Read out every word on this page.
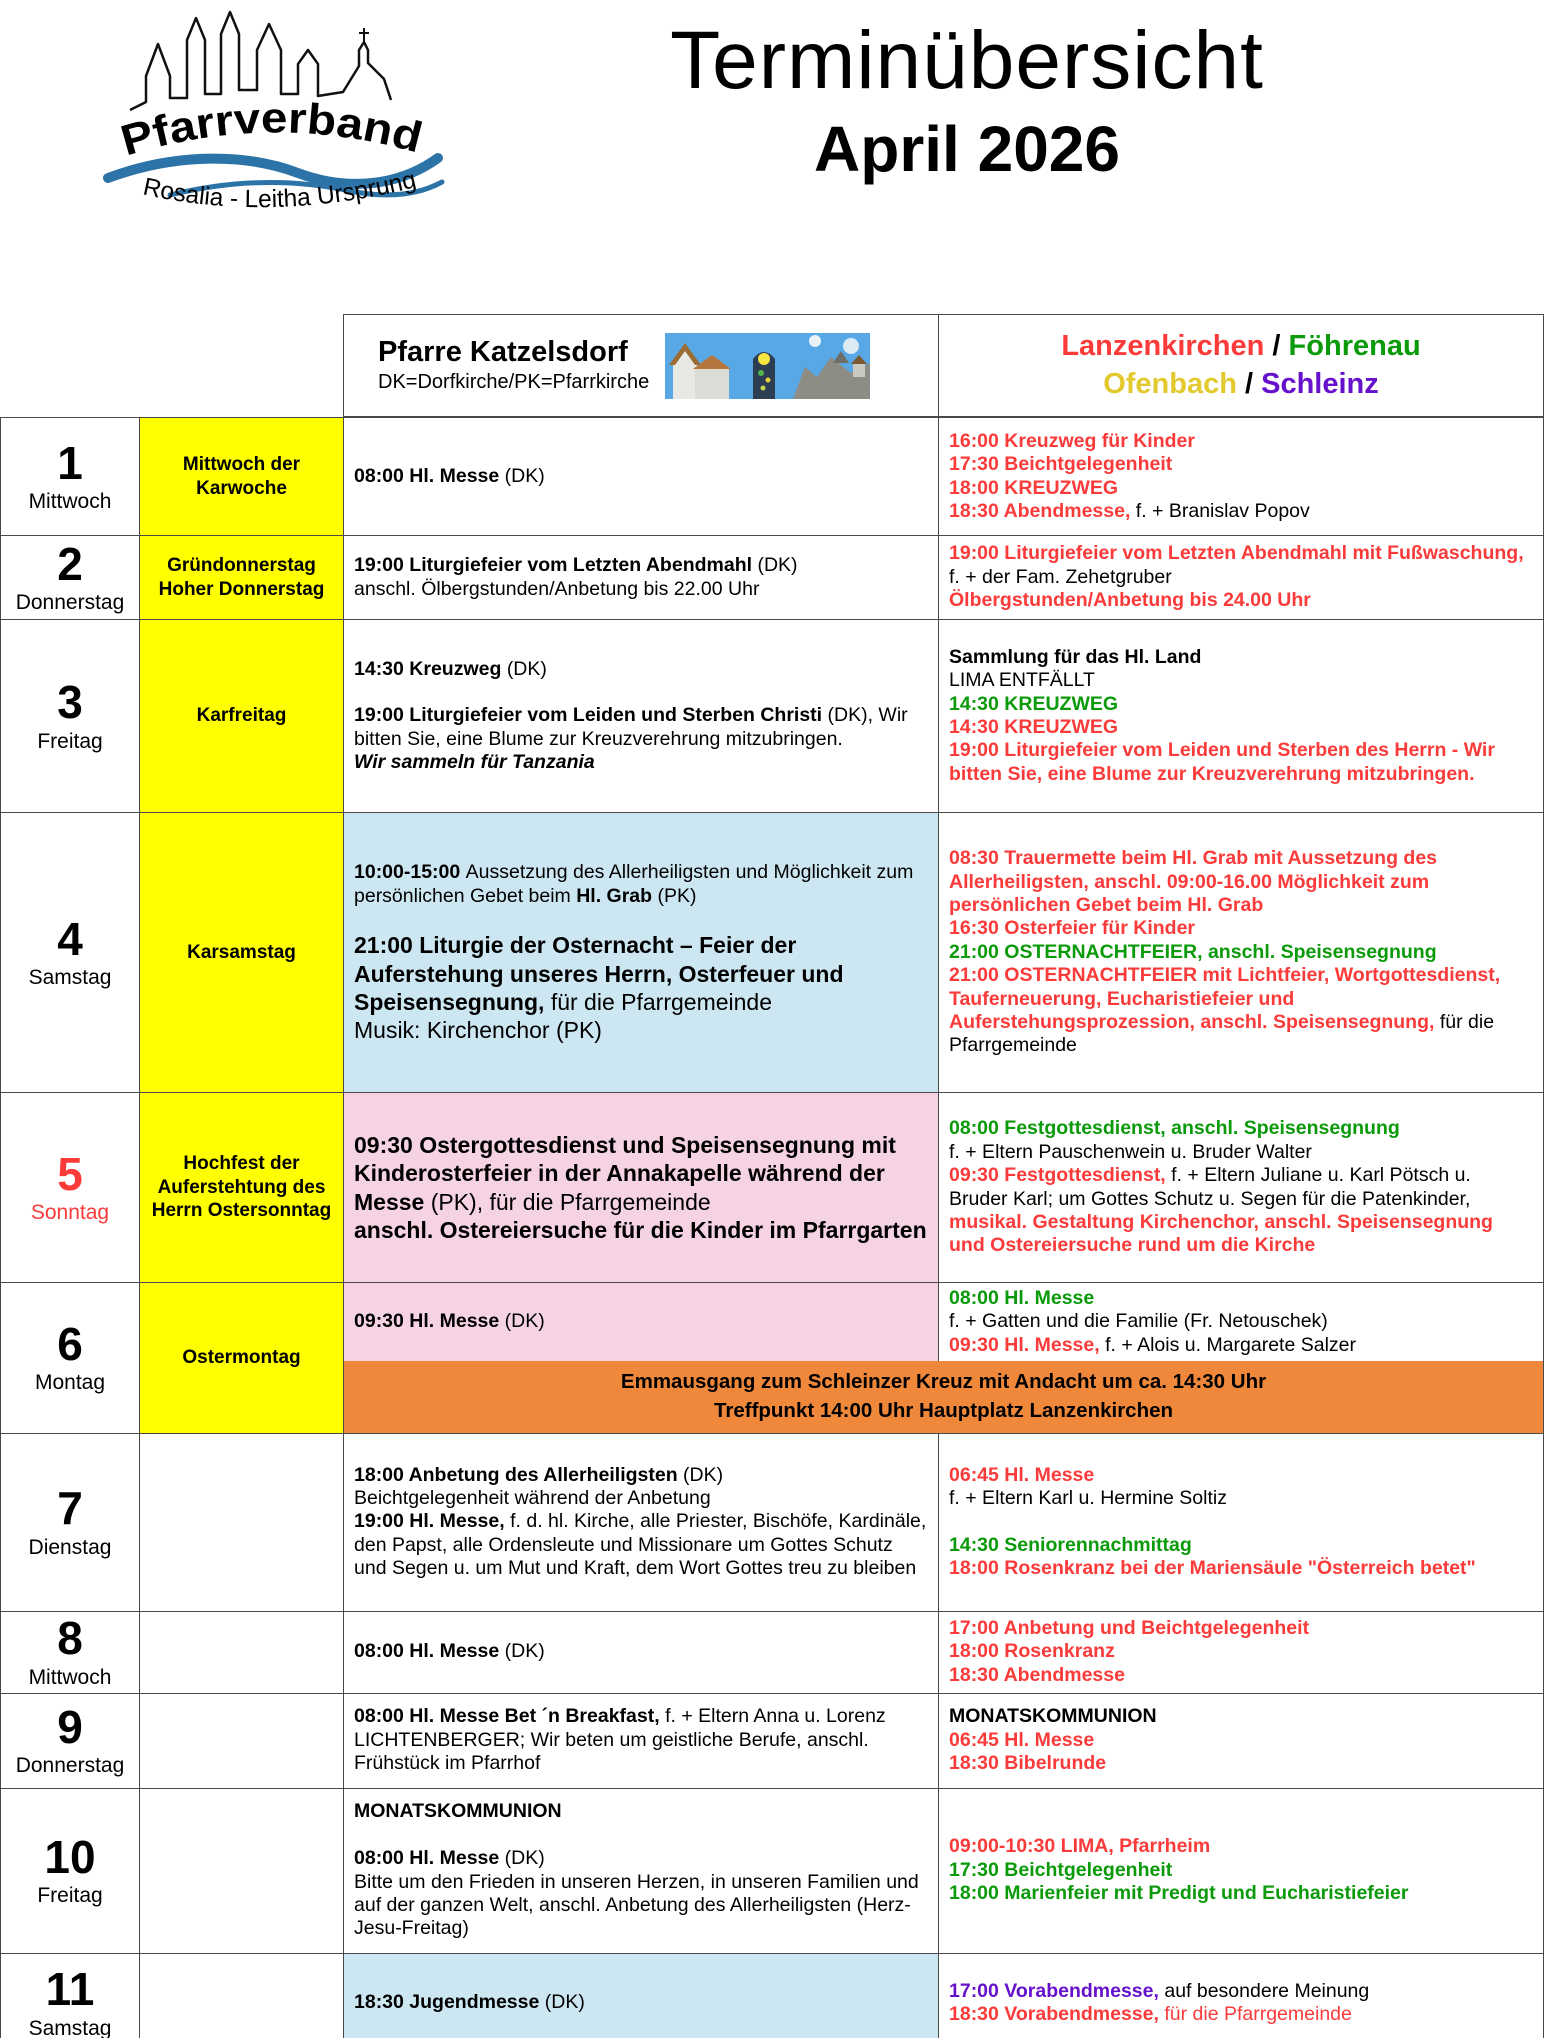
Pfarrverband
Rosalia - Leitha Ursprung
Terminübersicht
April 2026
Pfarre Katzelsdorf
DK=Dorfkirche/PK=Pfarrkirche
Lanzenkirchen / Föhrenau
Ofenbach / Schleinz
1
Mittwoch
Mittwoch der Karwoche
08:00 Hl. Messe (DK)
16:00 Kreuzweg für Kinder
17:30 Beichtgelegenheit
18:00 KREUZWEG
18:30 Abendmesse, f. + Branislav Popov
2
Donnerstag
Gründonnerstag Hoher Donnerstag
19:00 Liturgiefeier vom Letzten Abendmahl (DK)
anschl. Ölbergstunden/Anbetung bis 22.00 Uhr
19:00 Liturgiefeier vom Letzten Abendmahl mit Fußwaschung, f. + der Fam. Zehetgruber
Ölbergstunden/Anbetung bis 24.00 Uhr
3
Freitag
Karfreitag
14:30 Kreuzweg (DK)

19:00 Liturgiefeier vom Leiden und Sterben Christi (DK), Wir bitten Sie, eine Blume zur Kreuzverehrung mitzubringen.
Wir sammeln für Tanzania
Sammlung für das Hl. Land
LIMA ENTFÄLLT
14:30 KREUZWEG
14:30 KREUZWEG
19:00 Liturgiefeier vom Leiden und Sterben des Herrn - Wir bitten Sie, eine Blume zur Kreuzverehrung mitzubringen.
4
Samstag
Karsamstag
10:00-15:00 Aussetzung des Allerheiligsten und Möglichkeit zum persönlichen Gebet beim Hl. Grab (PK)

21:00 Liturgie der Osternacht – Feier der Auferstehung unseres Herrn, Osterfeuer und Speisensegnung, für die Pfarrgemeinde
Musik: Kirchenchor (PK)
08:30 Trauermette beim Hl. Grab mit Aussetzung des Allerheiligsten, anschl. 09:00-16.00 Möglichkeit zum persönlichen Gebet beim Hl. Grab
16:30 Osterfeier für Kinder
21:00 OSTERNACHTFEIER, anschl. Speisensegnung
21:00 OSTERNACHTFEIER mit Lichtfeier, Wortgottesdienst, Tauferneuerung, Eucharistiefeier und Auferstehungsprozession, anschl. Speisensegnung, für die Pfarrgemeinde
5
Sonntag
Hochfest der Auferstehtung des Herrn Ostersonntag
09:30 Ostergottesdienst und Speisensegnung mit Kinderosterfeier in der Annakapelle während der Messe (PK), für die Pfarrgemeinde
anschl. Ostereiersuche für die Kinder im Pfarrgarten
08:00 Festgottesdienst, anschl. Speisensegnung
f. + Eltern Pauschenwein u. Bruder Walter
09:30 Festgottesdienst, f. + Eltern Juliane u. Karl Pötsch u. Bruder Karl; um Gottes Schutz u. Segen für die Patenkinder, musikal. Gestaltung Kirchenchor, anschl. Speisensegnung und Ostereiersuche rund um die Kirche
6
Montag
Ostermontag
09:30 Hl. Messe (DK)
08:00 Hl. Messe
f. + Gatten und die Familie (Fr. Netouschek)
09:30 Hl. Messe, f. + Alois u. Margarete Salzer
Emmausgang zum Schleinzer Kreuz mit Andacht um ca. 14:30 Uhr
Treffpunkt 14:00 Uhr Hauptplatz Lanzenkirchen
7
Dienstag
18:00 Anbetung des Allerheiligsten (DK)
Beichtgelegenheit während der Anbetung
19:00 Hl. Messe, f. d. hl. Kirche, alle Priester, Bischöfe, Kardinäle, den Papst, alle Ordensleute und Missionare um Gottes Schutz und Segen u. um Mut und Kraft, dem Wort Gottes treu zu bleiben
06:45 Hl. Messe
f. + Eltern Karl u. Hermine Soltiz

14:30 Seniorennachmittag
18:00 Rosenkranz bei der Mariensäule "Österreich betet"
8
Mittwoch
08:00 Hl. Messe (DK)
17:00 Anbetung und Beichtgelegenheit
18:00 Rosenkranz
18:30 Abendmesse
9
Donnerstag
08:00 Hl. Messe Bet ´n Breakfast, f. + Eltern Anna u. Lorenz LICHTENBERGER; Wir beten um geistliche Berufe, anschl. Frühstück im Pfarrhof
MONATSKOMMUNION
06:45 Hl. Messe
18:30 Bibelrunde
10
Freitag
MONATSKOMMUNION

08:00 Hl. Messe (DK)
Bitte um den Frieden in unseren Herzen, in unseren Familien und auf der ganzen Welt, anschl. Anbetung des Allerheiligsten (Herz-Jesu-Freitag)
09:00-10:30 LIMA, Pfarrheim
17:30 Beichtgelegenheit
18:00 Marienfeier mit Predigt und Eucharistiefeier
11
Samstag
18:30 Jugendmesse (DK)
17:00 Vorabendmesse, auf besondere Meinung
18:30 Vorabendmesse, für die Pfarrgemeinde
